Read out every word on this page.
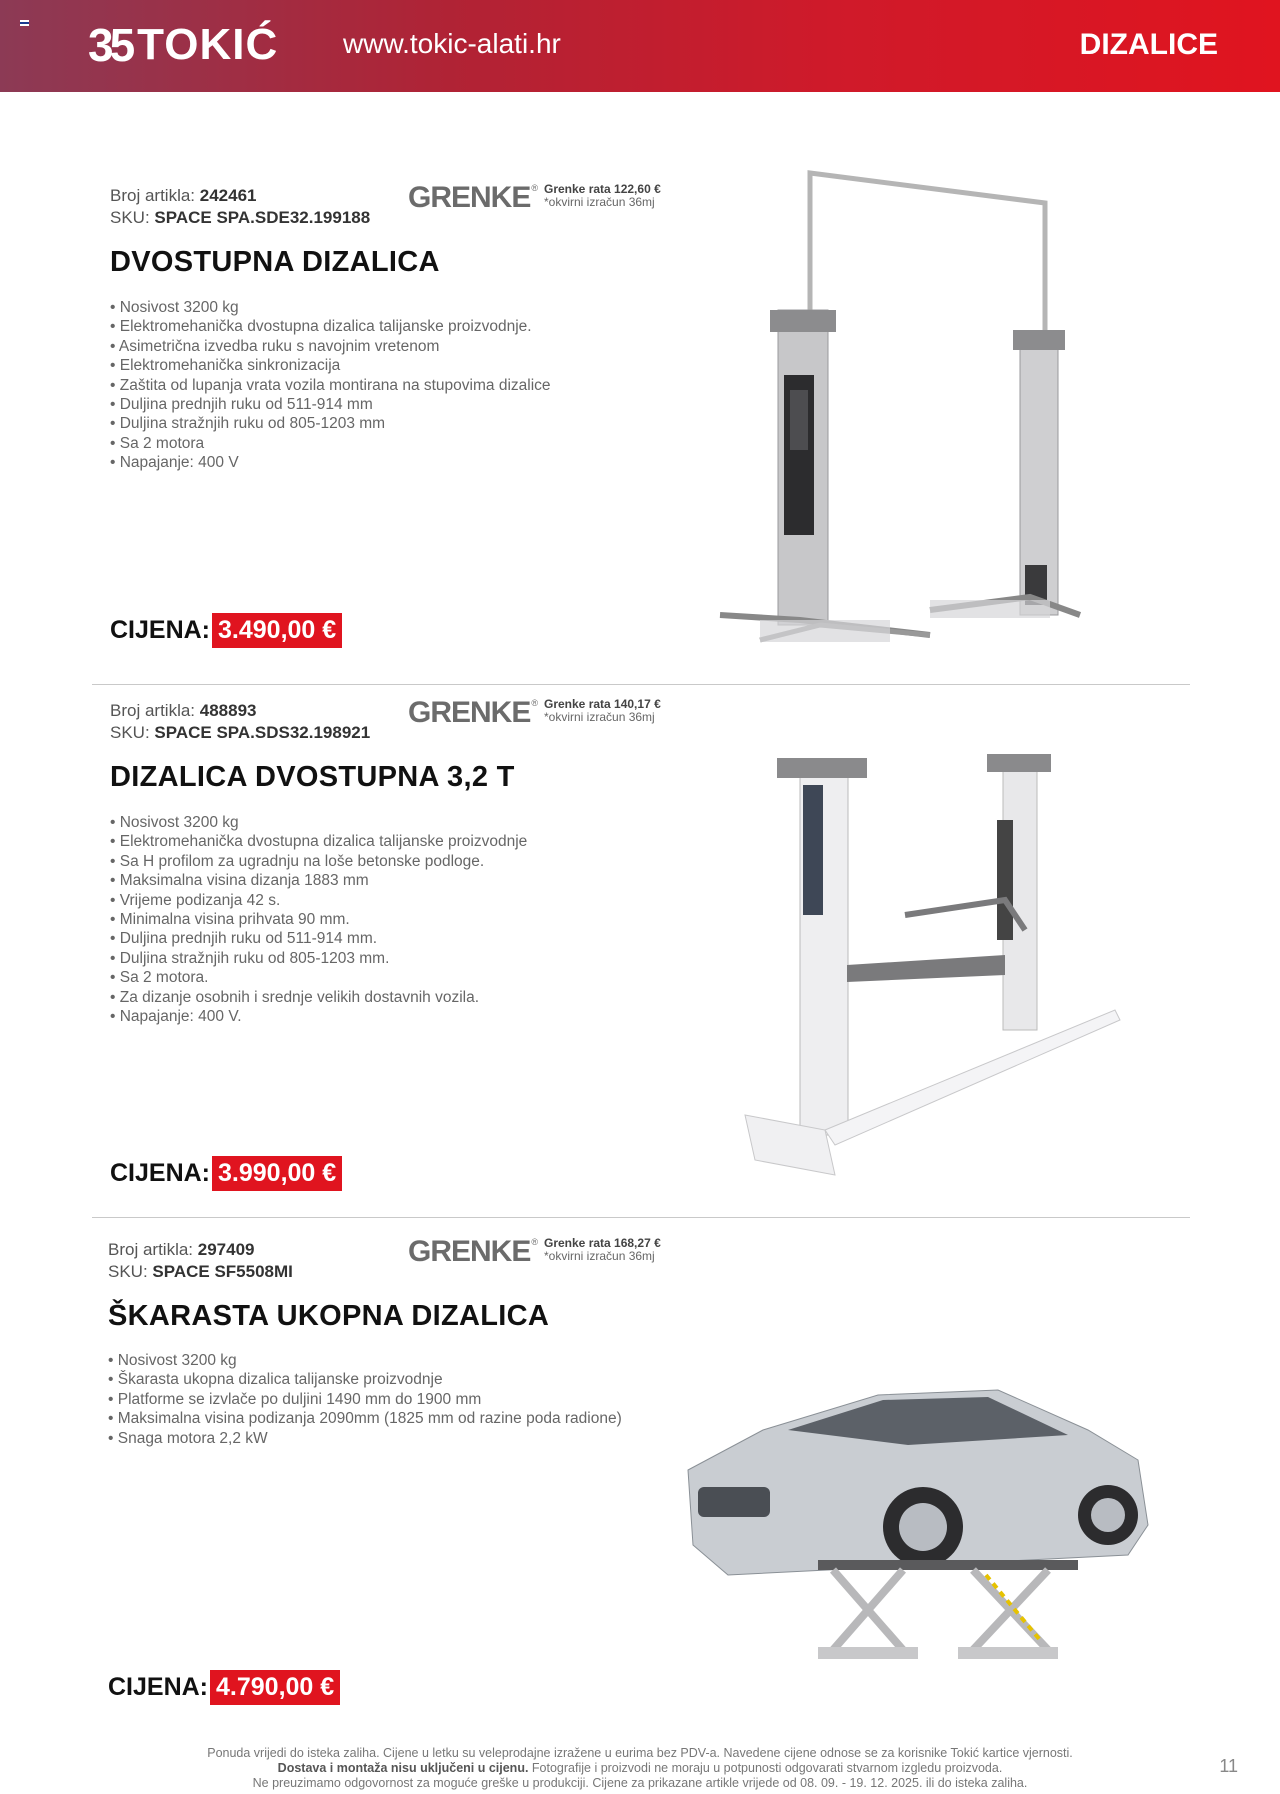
35 TOKIĆ www.tokic-alati.hr	DIZALICE
Broj artikla: 242461
SKU: SPACE SPA.SDE32.199188
GRENKE ® Grenke rata 122,60 €
*okvirni izračun 36mj
DVOSTUPNA DIZALICA
• Nosivost 3200 kg
• Elektromehanička dvostupna dizalica talijanske proizvodnje.
• Asimetrična izvedba ruku s navojnim vretenom
• Elektromehanička sinkronizacija
• Zaštita od lupanja vrata vozila montirana na stupovima dizalice
• Duljina prednjih ruku od 511-914 mm
• Duljina stražnjih ruku od 805-1203 mm
• Sa 2 motora
• Napajanje: 400 V
CIJENA: 3.490,00 €
Broj artikla: 488893
SKU: SPACE SPA.SDS32.198921
GRENKE ® Grenke rata 140,17 €
*okvirni izračun 36mj
DIZALICA DVOSTUPNA 3,2 T
• Nosivost 3200 kg
• Elektromehanička dvostupna dizalica talijanske proizvodnje
• Sa H profilom za ugradnju na loše betonske podloge.
• Maksimalna visina dizanja 1883 mm
• Vrijeme podizanja 42 s.
• Minimalna visina prihvata 90 mm.
• Duljina prednjih ruku od 511-914 mm.
• Duljina stražnjih ruku od 805-1203 mm.
• Sa 2 motora.
• Za dizanje osobnih i srednje velikih dostavnih vozila.
• Napajanje: 400 V.
CIJENA: 3.990,00 €
Broj artikla: 297409
SKU: SPACE SF5508MI
GRENKE ® Grenke rata 168,27 €
*okvirni izračun 36mj
ŠKARASTA UKOPNA DIZALICA
• Nosivost 3200 kg
• Škarasta ukopna dizalica talijanske proizvodnje
• Platforme se izvlače po duljini 1490 mm do 1900 mm
• Maksimalna visina podizanja 2090mm (1825 mm od razine poda radione)
• Snaga motora 2,2 kW
CIJENA: 4.790,00 €
Ponuda vrijedi do isteka zaliha. Cijene u letku su veleprodajne izražene u eurima bez PDV-a. Navedene cijene odnose se za korisnike Tokić kartice vjernosti.
Dostava i montaža nisu uključeni u cijenu. Fotografije i proizvodi ne moraju u potpunosti odgovarati stvarnom izgledu proizvoda.
Ne preuzimamo odgovornost za moguće greške u produkciji. Cijene za prikazane artikle vrijede od 08. 09. - 19. 12. 2025. ili do isteka zaliha.
11
